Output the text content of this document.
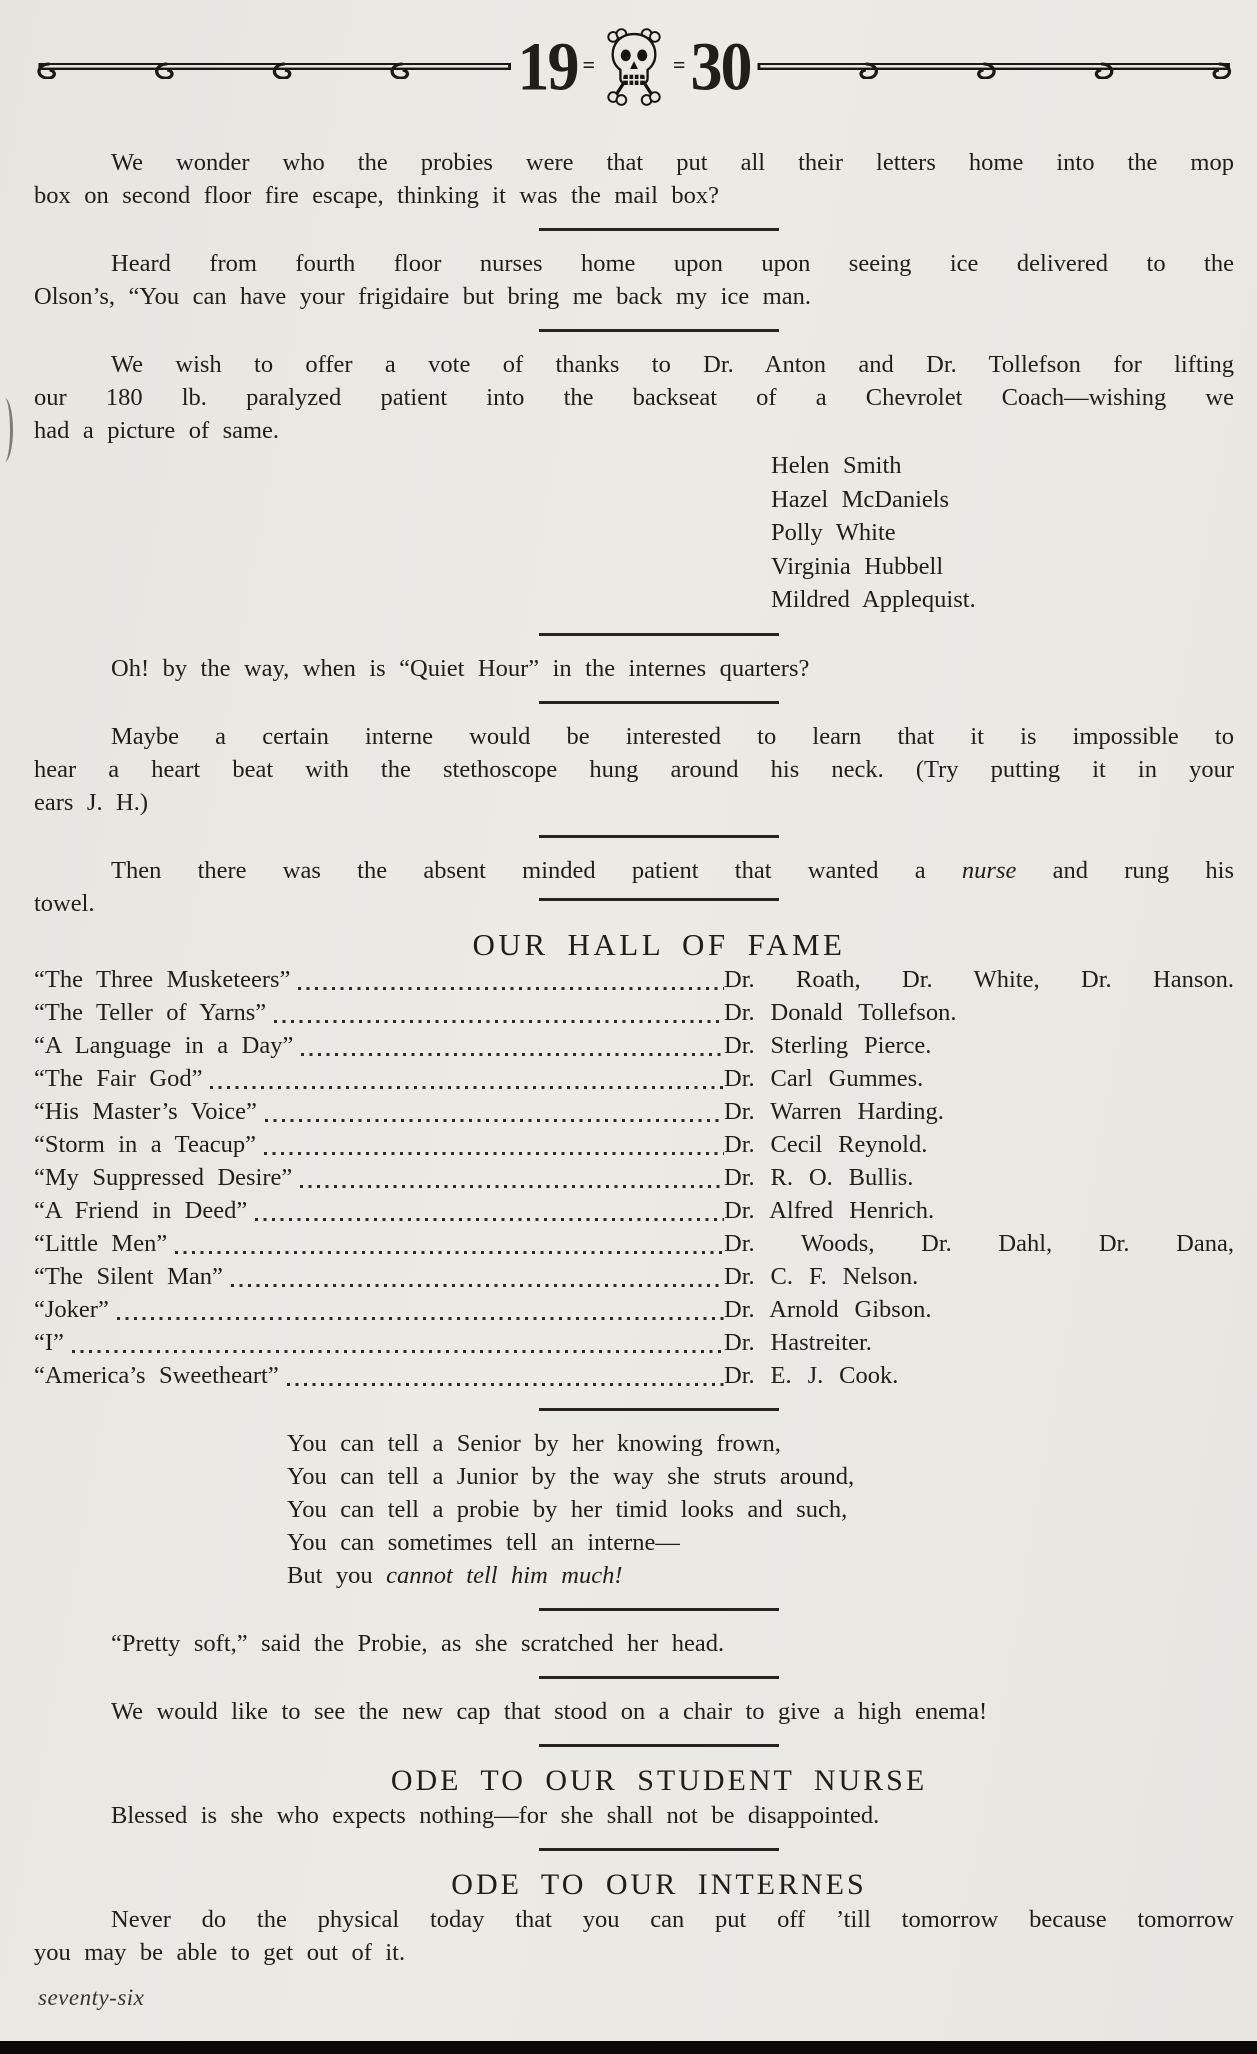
19 =	= 30
We wonder who the probies were that put all their letters home into the mop
box on second floor fire escape, thinking it was the mail box?
Heard from fourth floor nurses home upon upon seeing ice delivered to the
Olson’s, “You can have your frigidaire but bring me back my ice man.
We wish to offer a vote of thanks to Dr. Anton and Dr. Tollefson for lifting
our 180 lb. paralyzed patient into the backseat of a Chevrolet Coach—wishing we
had a picture of same.
Helen Smith
Hazel McDaniels
Polly White
Virginia Hubbell
Mildred Applequist.
Oh! by the way, when is “Quiet Hour” in the internes quarters?
Maybe a certain interne would be interested to learn that it is impossible to
hear a heart beat with the stethoscope hung around his neck. (Try putting it in your
ears J. H.)
Then there was the absent minded patient that wanted a nurse and rung his
towel.
OUR HALL OF FAME
“The Three Musketeers”	Dr. Roath, Dr. White, Dr. Hanson.
“The Teller of Yarns”	Dr. Donald Tollefson.
“A Language in a Day”	Dr. Sterling Pierce.
“The Fair God”	Dr. Carl Gummes.
“His Master’s Voice”	Dr. Warren Harding.
“Storm in a Teacup”	Dr. Cecil Reynold.
“My Suppressed Desire”	Dr. R. O. Bullis.
“A Friend in Deed”	Dr. Alfred Henrich.
“Little Men”	Dr. Woods, Dr. Dahl, Dr. Dana,
“The Silent Man”	Dr. C. F. Nelson.
“Joker”	Dr. Arnold Gibson.
“I”	Dr. Hastreiter.
“America’s Sweetheart”	Dr. E. J. Cook.
You can tell a Senior by her knowing frown,
You can tell a Junior by the way she struts around,
You can tell a probie by her timid looks and such,
You can sometimes tell an interne—
But you cannot tell him much!
“Pretty soft,” said the Probie, as she scratched her head.
We would like to see the new cap that stood on a chair to give a high enema!
ODE TO OUR STUDENT NURSE
Blessed is she who expects nothing—for she shall not be disappointed.
ODE TO OUR INTERNES
Never do the physical today that you can put off ’till tomorrow because tomorrow
you may be able to get out of it.
seventy-six
